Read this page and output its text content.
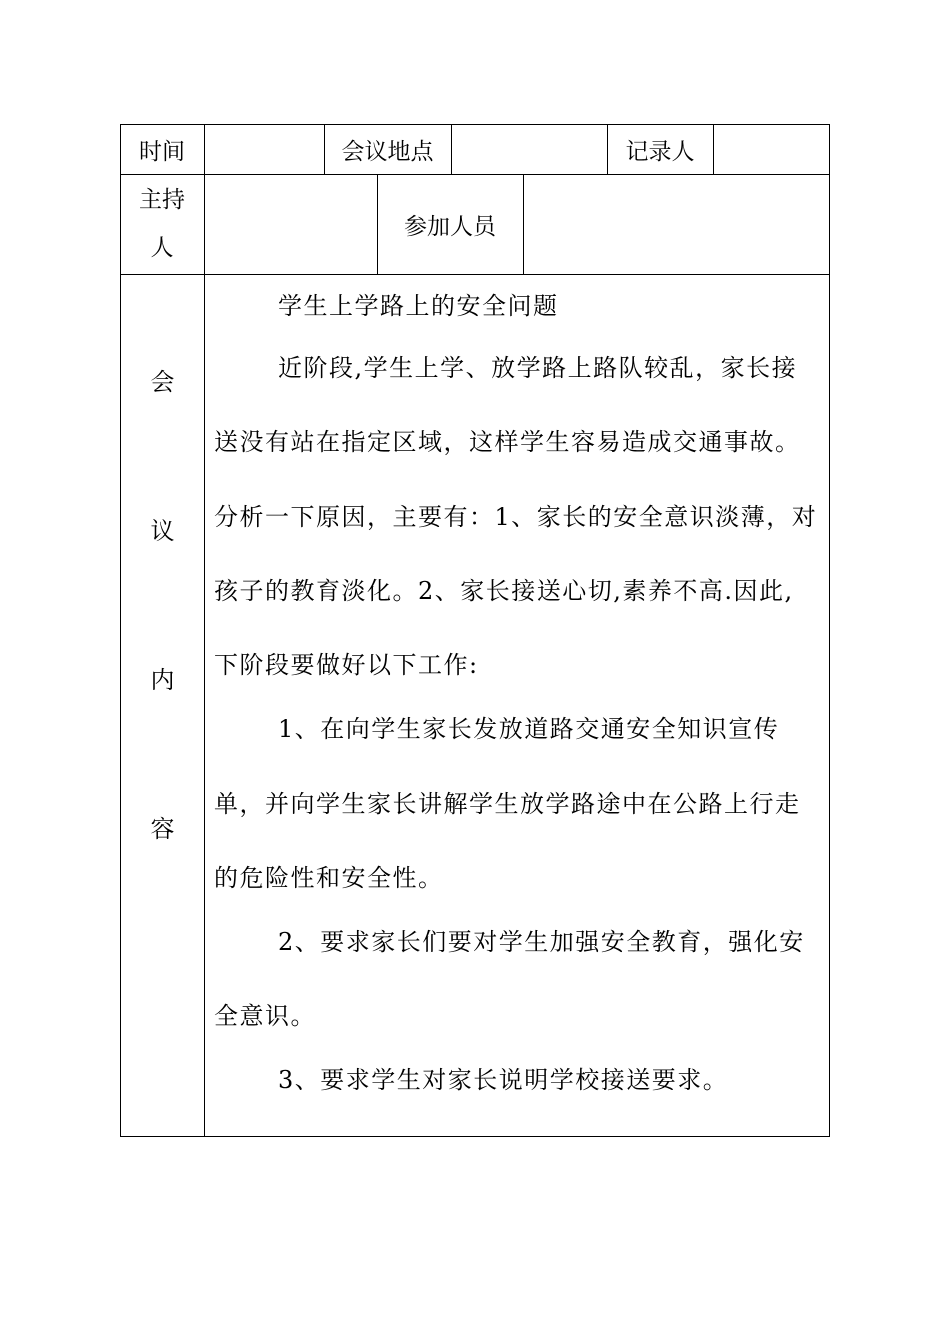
时间	会议地点	记录人
主持
人
参加人员
会
议
内
容
学生上学路上的安全问题
近阶段,学生上学、放学路上路队较乱，家长接
送没有站在指定区域，这样学生容易造成交通事故。
分析一下原因，主要有：1、家长的安全意识淡薄，对
孩子的教育淡化。2、家长接送心切,素养不高.因此,
下阶段要做好以下工作:
1、在向学生家长发放道路交通安全知识宣传
单，并向学生家长讲解学生放学路途中在公路上行走
的危险性和安全性。
2、要求家长们要对学生加强安全教育，强化安
全意识。
3、要求学生对家长说明学校接送要求。
